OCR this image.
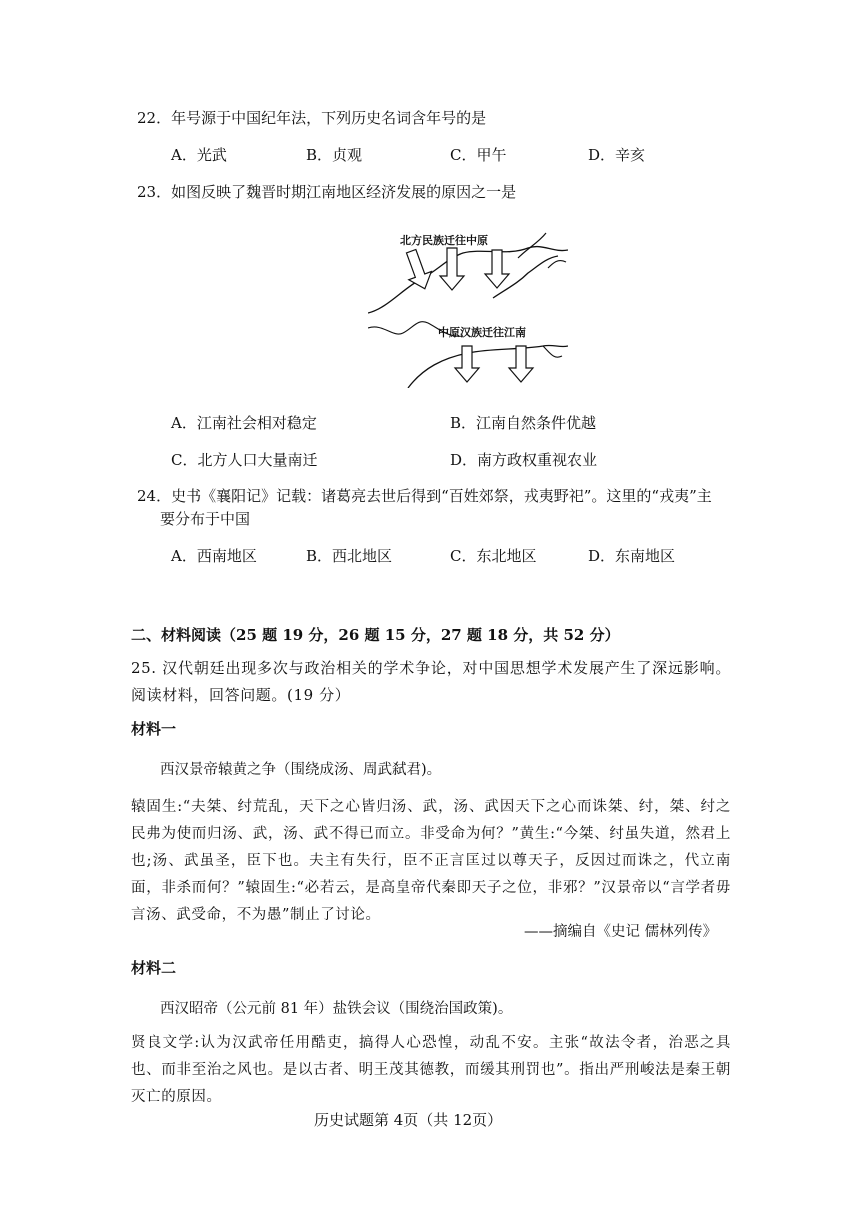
22．年号源于中国纪年法，下列历史名词含年号的是
A．光武	B．贞观	C．甲午	D．辛亥
23．如图反映了魏晋时期江南地区经济发展的原因之一是
北方民族迁往中原
中原汉族迁往江南
A．江南社会相对稳定	B．江南自然条件优越
C．北方人口大量南迁	D．南方政权重视农业
24．史书《襄阳记》记载：诸葛亮去世后得到“百姓郊祭，戎夷野祀”。这里的“戎夷”主
要分布于中国
A．西南地区	B．西北地区	C．东北地区	D．东南地区
二、材料阅读（25 题 19 分，26 题 15 分，27 题 18 分，共 52 分）
25. 汉代朝廷出现多次与政治相关的学术争论，对中国思想学术发展产生了深远影响。阅读材料，回答问题。(19 分）
材料一
西汉景帝辕黄之争（围绕成汤、周武弑君)。
辕固生:“夫桀、纣荒乱，天下之心皆归汤、武，汤、武因天下之心而诛桀、纣，桀、纣之民弗为使而归汤、武，汤、武不得已而立。非受命为何？”黄生:“今桀、纣虽失道，然君上也;汤、武虽圣，臣下也。夫主有失行，臣不正言匡过以尊天子，反因过而诛之，代立南面，非杀而何？”辕固生:“必若云，是高皇帝代秦即天子之位，非邪？”汉景帝以“言学者毋言汤、武受命，不为愚”制止了讨论。
——摘编自《史记 儒林列传》
材料二
西汉昭帝（公元前 81 年）盐铁会议（围绕治国政策)。
贤良文学:认为汉武帝任用酷吏，搞得人心恐惶，动乱不安。主张“故法令者，治恶之具也、而非至治之风也。是以古者、明王茂其德教，而缓其刑罚也”。指出严刑峻法是秦王朝灭亡的原因。
历史试题第 4页（共 12页）
